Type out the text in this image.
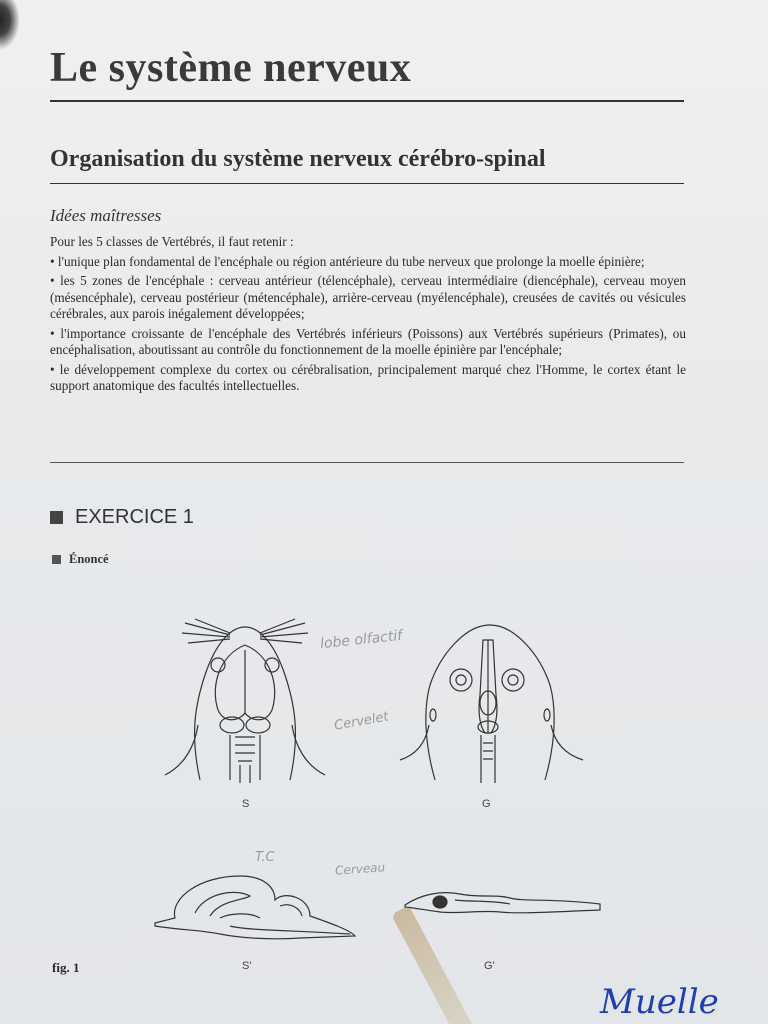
Le système nerveux
Organisation du système nerveux cérébro-spinal
Idées maîtresses

Pour les 5 classes de Vertébrés, il faut retenir :

• l'unique plan fondamental de l'encéphale ou région antérieure du tube nerveux que prolonge la moelle épinière;

• les 5 zones de l'encéphale : cerveau antérieur (télencéphale), cerveau intermédiaire (diencéphale), cerveau moyen (mésencéphale), cerveau postérieur (métencéphale), arrière-cerveau (myélencéphale), creusées de cavités ou vésicules cérébrales, aux parois inégalement développées;

• l'importance croissante de l'encéphale des Vertébrés inférieurs (Poissons) aux Vertébrés supérieurs (Primates), ou encéphalisation, aboutissant au contrôle du fonctionnement de la moelle épinière par l'encéphale;

• le développement complexe du cortex ou cérébralisation, principalement marqué chez l'Homme, le cortex étant le support anatomique des facultés intellectuelles.

EXERCICE 1
Énoncé
S	G
S'	G'
fig. 1
lobe olfactif
Cervelet
T.C
Cerveau
Muelle
